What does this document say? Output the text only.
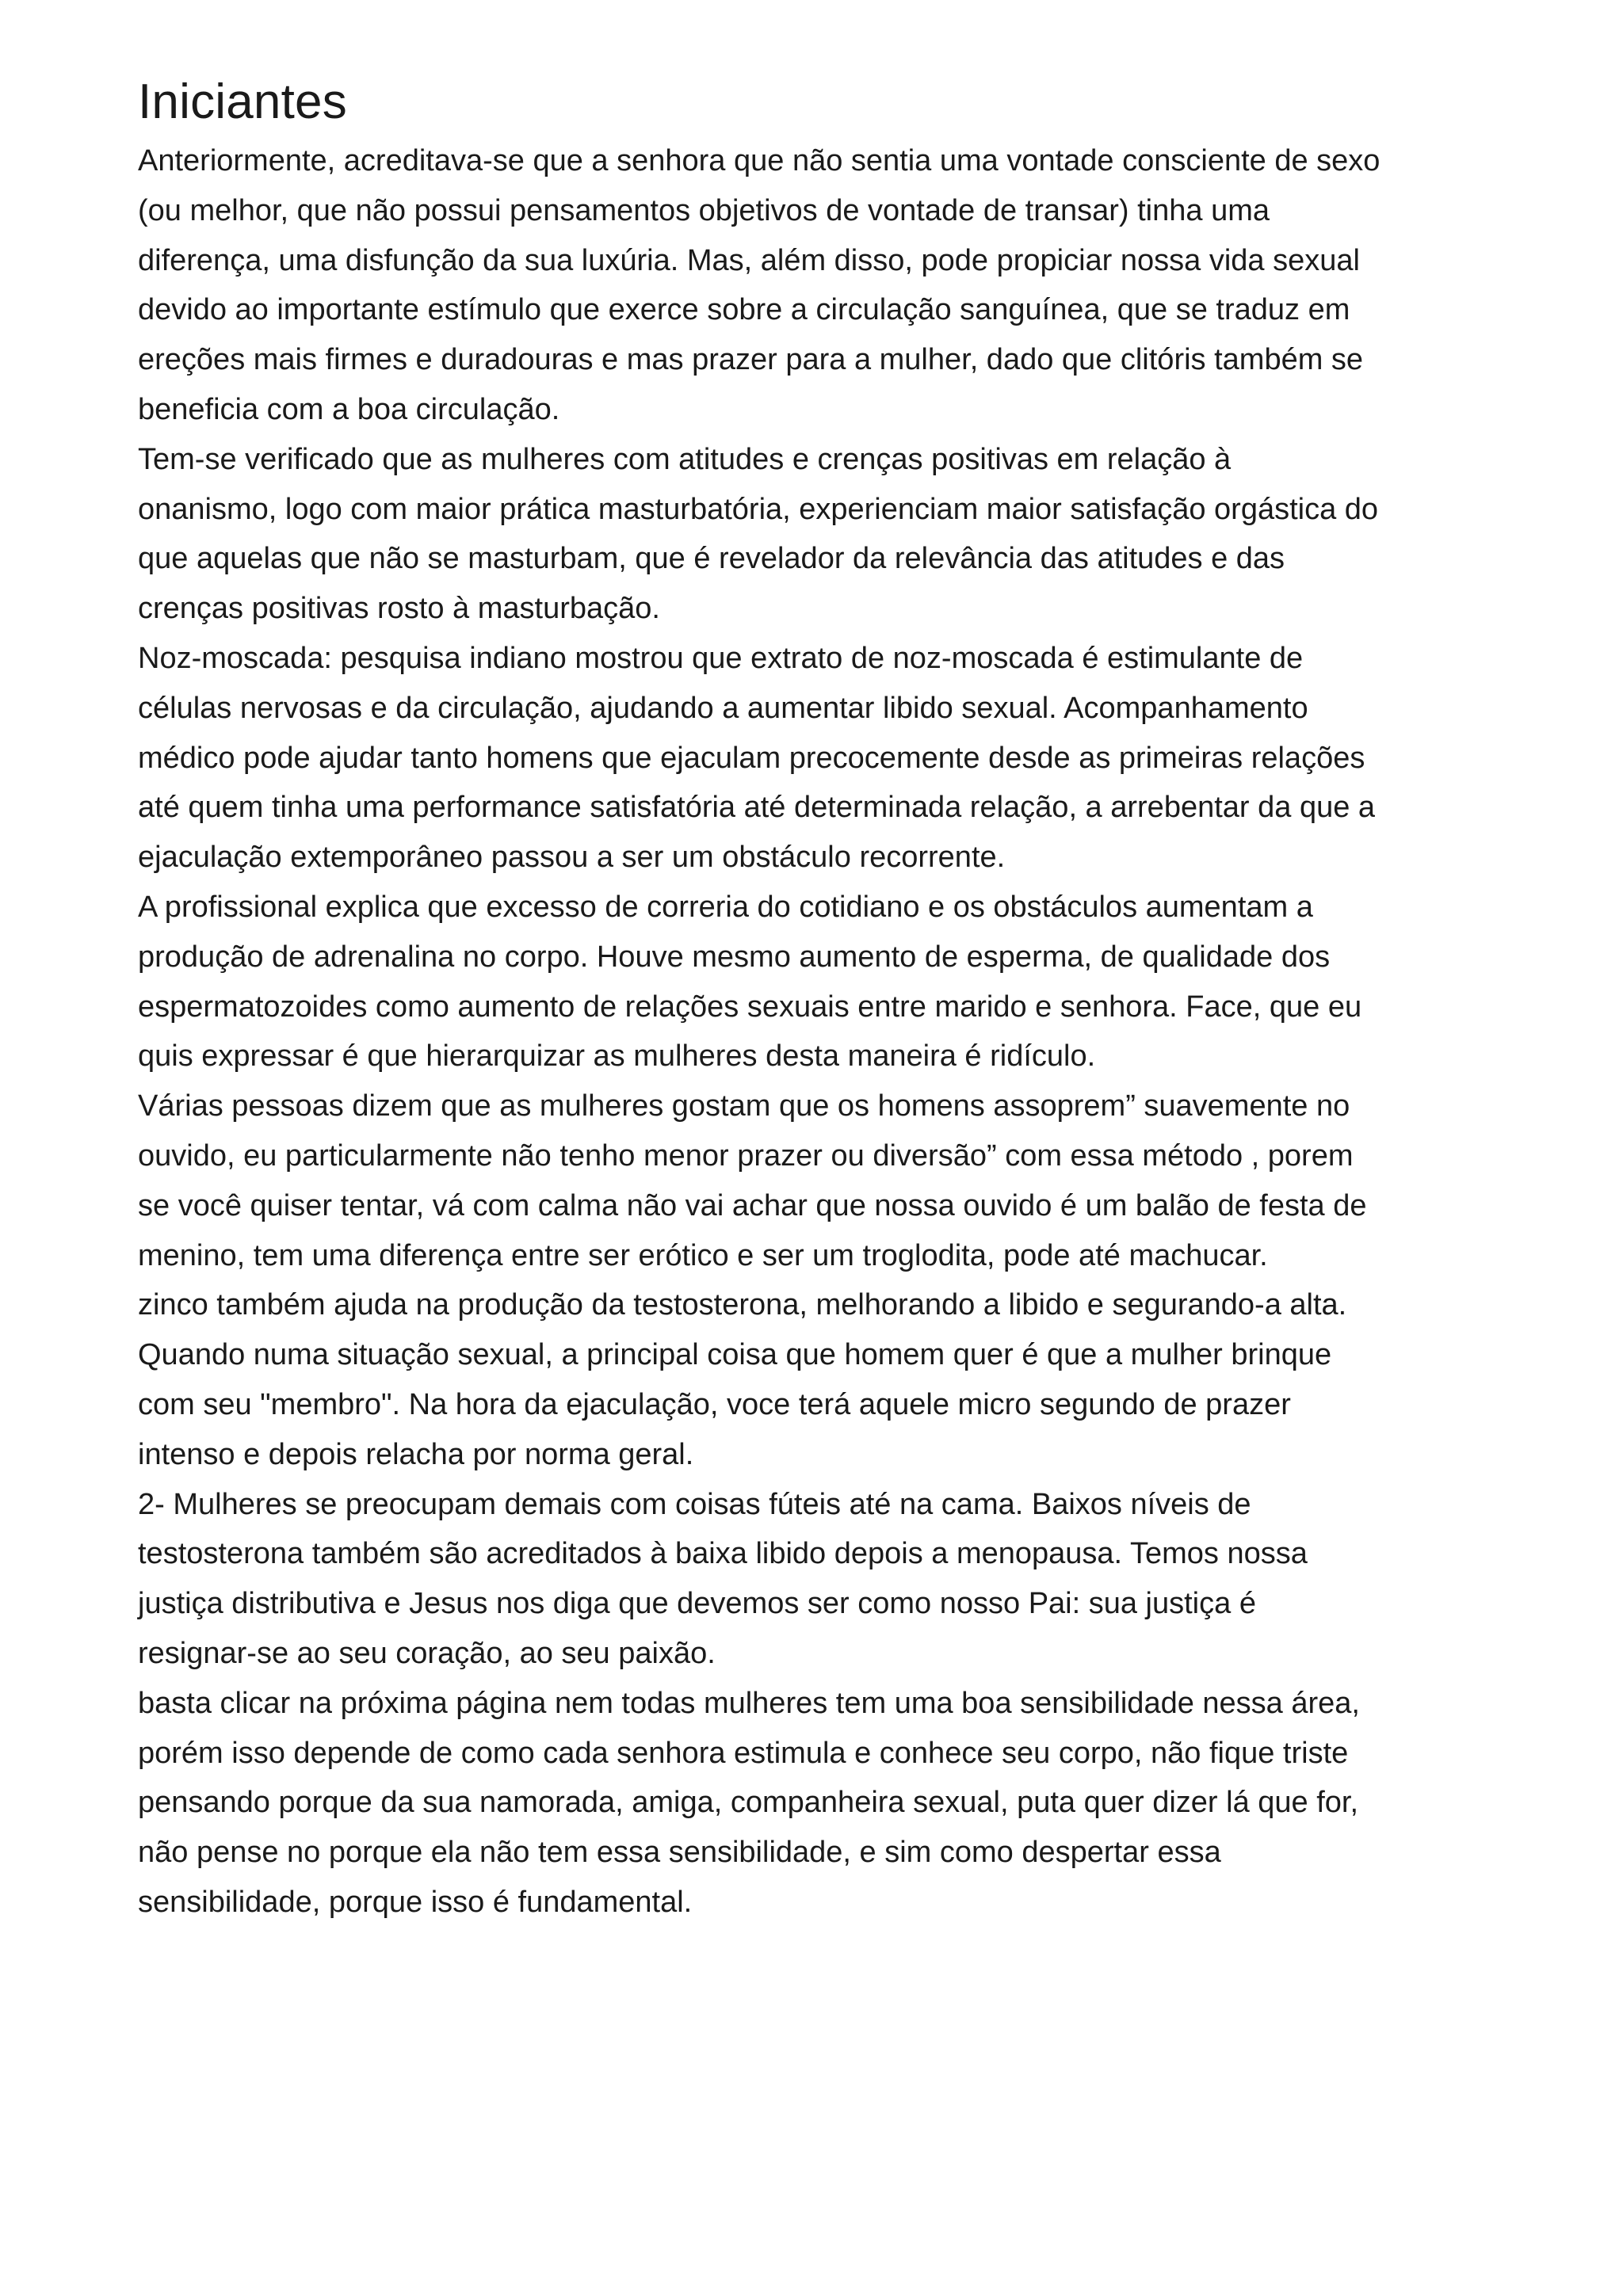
Iniciantes

Anteriormente, acreditava-se que a senhora que não sentia uma vontade consciente de sexo
(ou melhor, que não possui pensamentos objetivos de vontade de transar) tinha uma
diferença, uma disfunção da sua luxúria. Mas, além disso, pode propiciar nossa vida sexual
devido ao importante estímulo que exerce sobre a circulação sanguínea, que se traduz em
ereções mais firmes e duradouras e mas prazer para a mulher, dado que clitóris também se
beneficia com a boa circulação.

Tem-se verificado que as mulheres com atitudes e crenças positivas em relação à
onanismo, logo com maior prática masturbatória, experienciam maior satisfação orgástica do
que aquelas que não se masturbam, que é revelador da relevância das atitudes e das
crenças positivas rosto à masturbação.

Noz-moscada: pesquisa indiano mostrou que extrato de noz-moscada é estimulante de
células nervosas e da circulação, ajudando a aumentar libido sexual. Acompanhamento
médico pode ajudar tanto homens que ejaculam precocemente desde as primeiras relações
até quem tinha uma performance satisfatória até determinada relação, a arrebentar da que a
ejaculação extemporâneo passou a ser um obstáculo recorrente.

A profissional explica que excesso de correria do cotidiano e os obstáculos aumentam a
produção de adrenalina no corpo. Houve mesmo aumento de esperma, de qualidade dos
espermatozoides como aumento de relações sexuais entre marido e senhora. Face, que eu
quis expressar é que hierarquizar as mulheres desta maneira é ridículo.

Várias pessoas dizem que as mulheres gostam que os homens assoprem” suavemente no
ouvido, eu particularmente não tenho menor prazer ou diversão” com essa método , porem
se você quiser tentar, vá com calma não vai achar que nossa ouvido é um balão de festa de
menino, tem uma diferença entre ser erótico e ser um troglodita, pode até machucar.

zinco também ajuda na produção da testosterona, melhorando a libido e segurando-a alta.

Quando numa situação sexual, a principal coisa que homem quer é que a mulher brinque
com seu "membro". Na hora da ejaculação, voce terá aquele micro segundo de prazer
intenso e depois relacha por norma geral.

2- Mulheres se preocupam demais com coisas fúteis até na cama. Baixos níveis de
testosterona também são acreditados à baixa libido depois a menopausa. Temos nossa
justiça distributiva e Jesus nos diga que devemos ser como nosso Pai: sua justiça é
resignar-se ao seu coração, ao seu paixão.

basta clicar na próxima página nem todas mulheres tem uma boa sensibilidade nessa área,
porém isso depende de como cada senhora estimula e conhece seu corpo, não fique triste
pensando porque da sua namorada, amiga, companheira sexual, puta quer dizer lá que for,
não pense no porque ela não tem essa sensibilidade, e sim como despertar essa
sensibilidade, porque isso é fundamental.
